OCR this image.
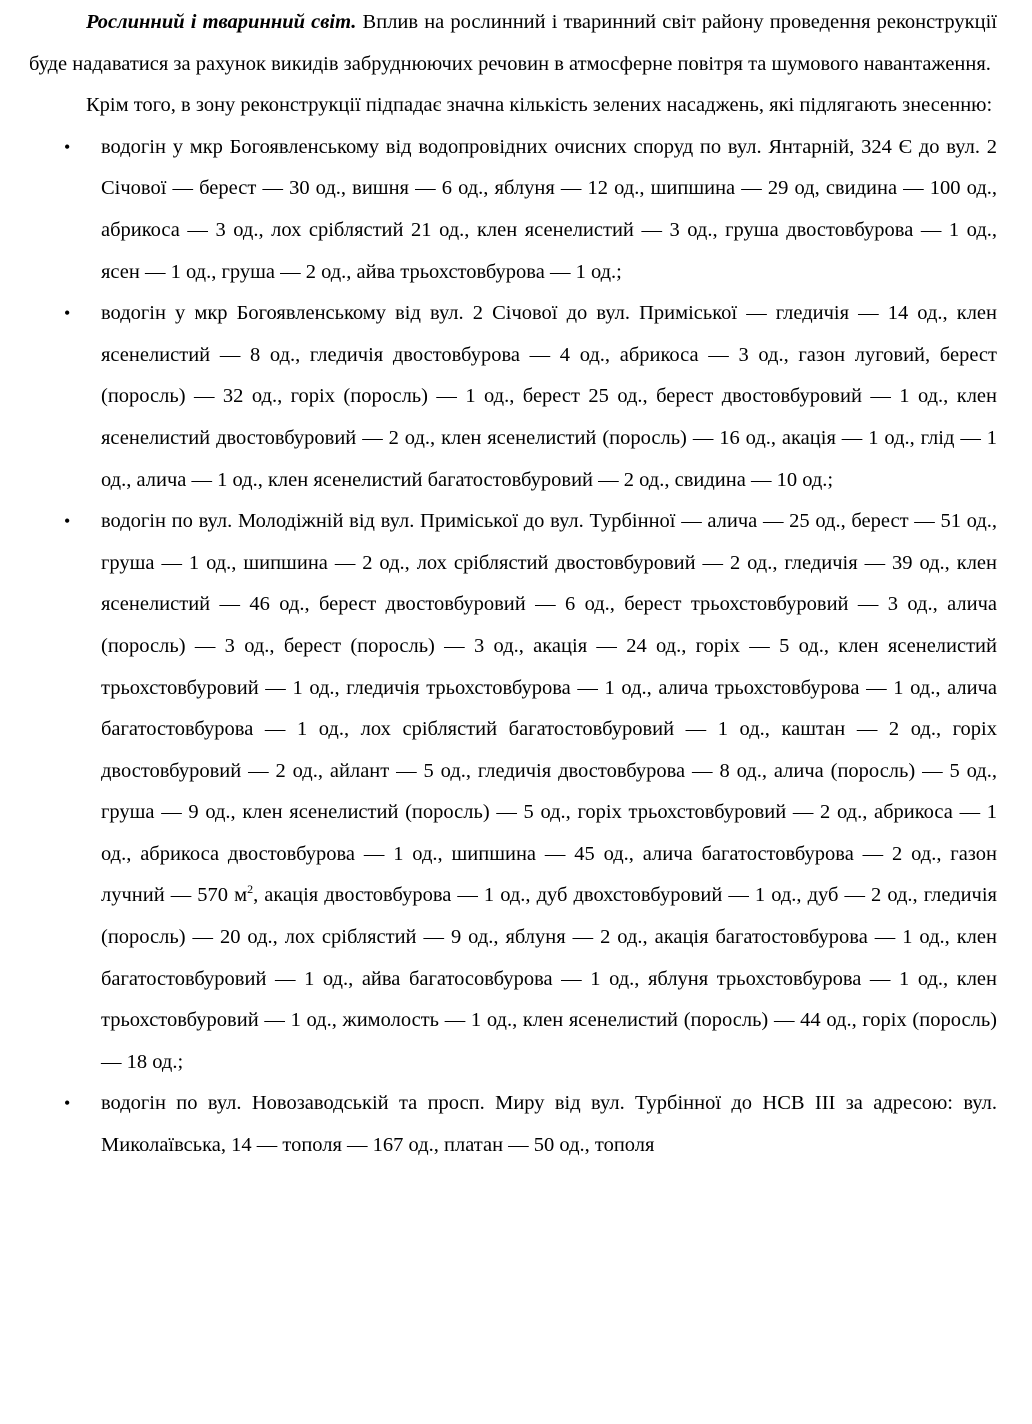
Рослинний і тваринний світ. Вплив на рослинний і тваринний світ району проведення реконструкції буде надаватися за рахунок викидів забруднюючих речовин в атмосферне повітря та шумового навантаження.

Крім того, в зону реконструкції підпадає значна кількість зелених насаджень, які підлягають знесенню:

• водогін у мкр Богоявленському від водопровідних очисних споруд по вул. Янтарній, 324 Є до вул. 2 Січової — берест — 30 од., вишня — 6 од., яблуня — 12 од., шипшина — 29 од, свидина — 100 од., абрикоса — 3 од., лох сріблястий 21 од., клен ясенелистий — 3 од., груша двостовбурова — 1 од., ясен — 1 од., груша — 2 од., айва трьохстовбурова — 1 од.;
• водогін у мкр Богоявленському від вул. 2 Січової до вул. Приміської — гледичія — 14 од., клен ясенелистий — 8 од., гледичія двостовбурова — 4 од., абрикоса — 3 од., газон луговий, берест (поросль) — 32 од., горіх (поросль) — 1 од., берест 25 од., берест двостовбуровий — 1 од., клен ясенелистий двостовбуровий — 2 од., клен ясенелистий (поросль) — 16 од., акація — 1 од., глід — 1 од., алича — 1 од., клен ясенелистий багатостовбуровий — 2 од., свидина — 10 од.;
• водогін по вул. Молодіжній від вул. Приміської до вул. Турбінної — алича — 25 од., берест — 51 од., груша — 1 од., шипшина — 2 од., лох сріблястий двостовбуровий — 2 од., гледичія — 39 од., клен ясенелистий — 46 од., берест двостовбуровий — 6 од., берест трьохстовбуровий — 3 од., алича (поросль) — 3 од., берест (поросль) — 3 од., акація — 24 од., горіх — 5 од., клен ясенелистий трьохстовбуровий — 1 од., гледичія трьохстовбурова — 1 од., алича трьохстовбурова — 1 од., алича багатостовбурова — 1 од., лох сріблястий багатостовбуровий — 1 од., каштан — 2 од., горіх двостовбуровий — 2 од., айлант — 5 од., гледичія двостовбурова — 8 од., алича (поросль) — 5 од., груша — 9 од., клен ясенелистий (поросль) — 5 од., горіх трьохстовбуровий — 2 од., абрикоса — 1 од., абрикоса двостовбурова — 1 од., шипшина — 45 од., алича багатостовбурова — 2 од., газон лучний — 570 $м^2$, акація двостовбурова — 1 од., дуб двохстовбуровий — 1 од., дуб — 2 од., гледичія (поросль) — 20 од., лох сріблястий — 9 од., яблуня — 2 од., акація багатостовбурова — 1 од., клен багатостовбуровий — 1 од., айва багатосовбурова — 1 од., яблуня трьохстовбурова — 1 од., клен трьохстовбуровий — 1 од., жимолость — 1 од., клен ясенелистий (поросль) — 44 од., горіх (поросль) — 18 од.;
• водогін по вул. Новозаводській та просп. Миру від вул. Турбінної до НСВ ІІІ за адресою: вул. Миколаївська, 14 — тополя — 167 од., платан — 50 од., тополя
